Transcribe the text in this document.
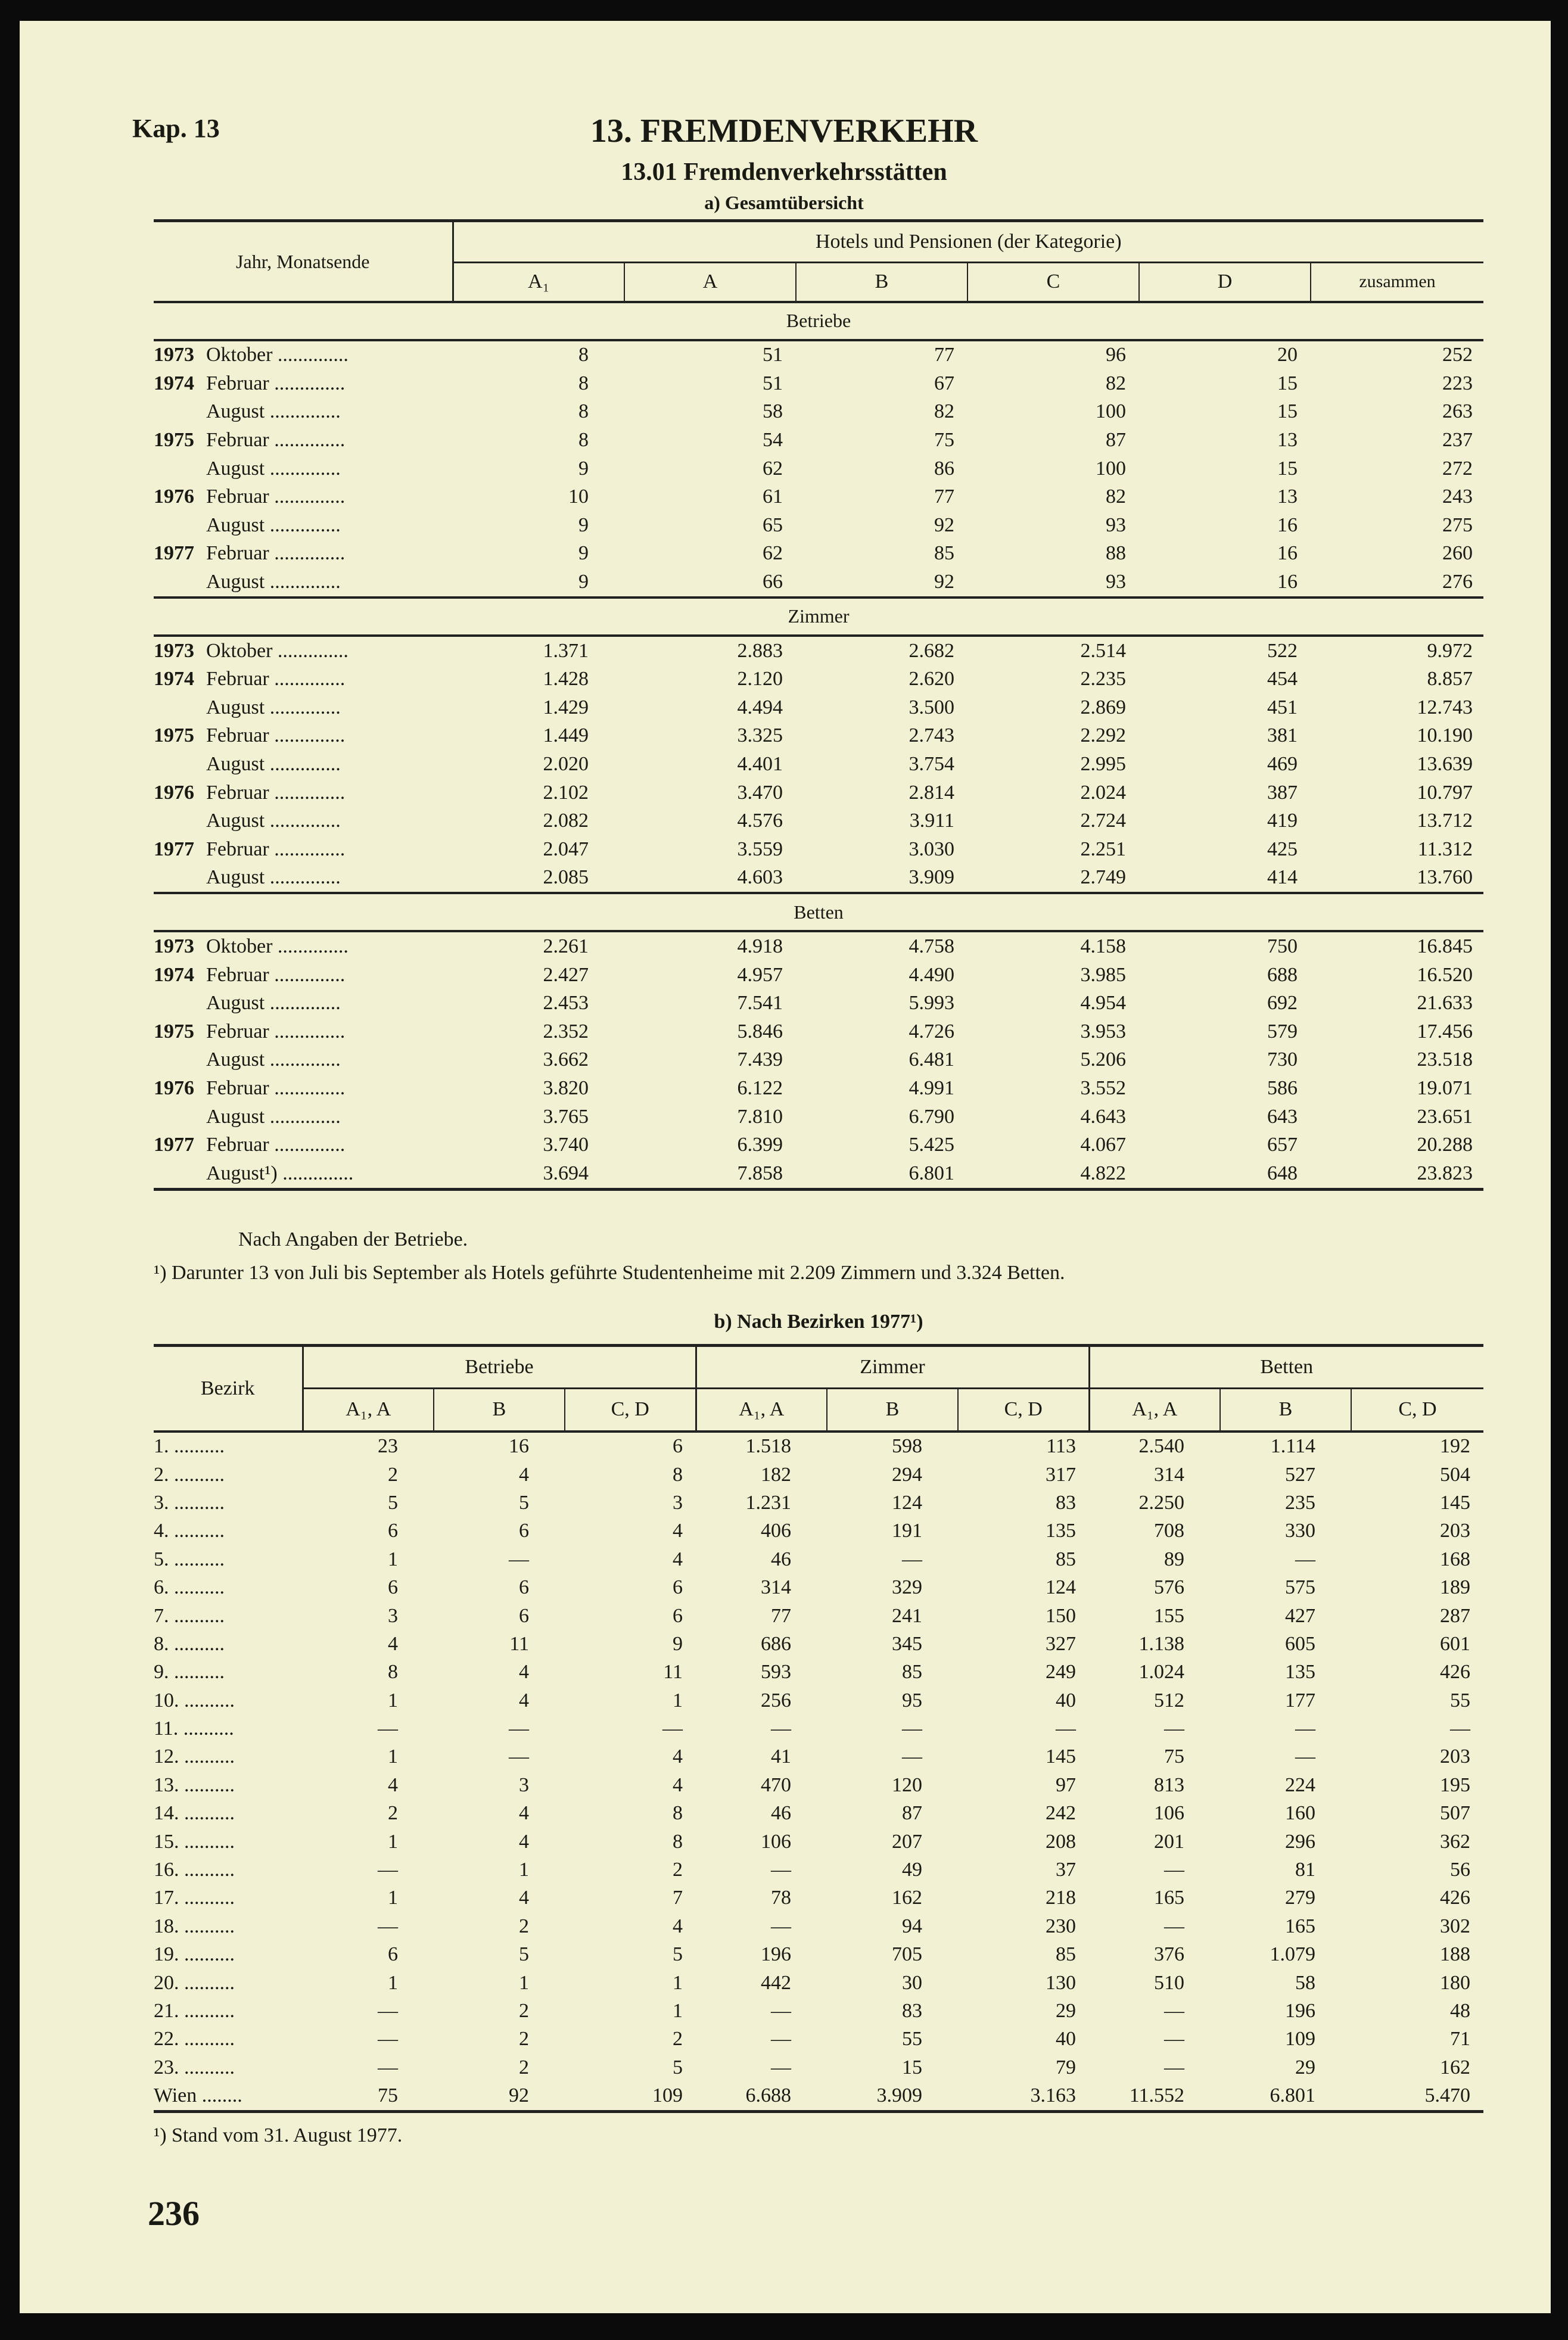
Kap. 13	13. FREMDENVERKEHR
13.01 Fremdenverkehrsstätten
a) Gesamtübersicht
Jahr, Monatsende	Hotels und Pensionen (der Kategorie)					
	A₁	A	B	C	D	zusammen
Betriebe						
1973 Oktober ..............	8	51	77	96	20	252
1974 Februar ..............	8	51	67	82	15	223
August ..............	8	58	82	100	15	263
1975 Februar ..............	8	54	75	87	13	237
August ..............	9	62	86	100	15	272
1976 Februar ..............	10	61	77	82	13	243
August ..............	9	65	92	93	16	275
1977 Februar ..............	9	62	85	88	16	260
August ..............	9	66	92	93	16	276
Zimmer						
1973 Oktober ..............	1.371	2.883	2.682	2.514	522	9.972
1974 Februar ..............	1.428	2.120	2.620	2.235	454	8.857
August ..............	1.429	4.494	3.500	2.869	451	12.743
1975 Februar ..............	1.449	3.325	2.743	2.292	381	10.190
August ..............	2.020	4.401	3.754	2.995	469	13.639
1976 Februar ..............	2.102	3.470	2.814	2.024	387	10.797
August ..............	2.082	4.576	3.911	2.724	419	13.712
1977 Februar ..............	2.047	3.559	3.030	2.251	425	11.312
August ..............	2.085	4.603	3.909	2.749	414	13.760
Betten						
1973 Oktober ..............	2.261	4.918	4.758	4.158	750	16.845
1974 Februar ..............	2.427	4.957	4.490	3.985	688	16.520
August ..............	2.453	7.541	5.993	4.954	692	21.633
1975 Februar ..............	2.352	5.846	4.726	3.953	579	17.456
August ..............	3.662	7.439	6.481	5.206	730	23.518
1976 Februar ..............	3.820	6.122	4.991	3.552	586	19.071
August ..............	3.765	7.810	6.790	4.643	643	23.651
1977 Februar ..............	3.740	6.399	5.425	4.067	657	20.288
August¹) ..............	3.694	7.858	6.801	4.822	648	23.823
Nach Angaben der Betriebe.
¹) Darunter 13 von Juli bis September als Hotels geführte Studentenheime mit 2.209 Zimmern und 3.324 Betten.
b) Nach Bezirken 1977¹)
Bezirk	Betriebe			Zimmer			Betten		
	A₁, A	B	C, D	A₁, A	B	C, D	A₁, A	B	C, D
1. ..........	23	16	6	1.518	598	113	2.540	1.114	192
2. ..........	2	4	8	182	294	317	314	527	504
3. ..........	5	5	3	1.231	124	83	2.250	235	145
4. ..........	6	6	4	406	191	135	708	330	203
5. ..........	1	—	4	46	—	85	89	—	168
6. ..........	6	6	6	314	329	124	576	575	189
7. ..........	3	6	6	77	241	150	155	427	287
8. ..........	4	11	9	686	345	327	1.138	605	601
9. ..........	8	4	11	593	85	249	1.024	135	426
10. ..........	1	4	1	256	95	40	512	177	55
11. ..........	—	—	—	—	—	—	—	—	—
12. ..........	1	—	4	41	—	145	75	—	203
13. ..........	4	3	4	470	120	97	813	224	195
14. ..........	2	4	8	46	87	242	106	160	507
15. ..........	1	4	8	106	207	208	201	296	362
16. ..........	—	1	2	—	49	37	—	81	56
17. ..........	1	4	7	78	162	218	165	279	426
18. ..........	—	2	4	—	94	230	—	165	302
19. ..........	6	5	5	196	705	85	376	1.079	188
20. ..........	1	1	1	442	30	130	510	58	180
21. ..........	—	2	1	—	83	29	—	196	48
22. ..........	—	2	2	—	55	40	—	109	71
23. ..........	—	2	5	—	15	79	—	29	162
Wien ........	75	92	109	6.688	3.909	3.163	11.552	6.801	5.470
¹) Stand vom 31. August 1977.
236
